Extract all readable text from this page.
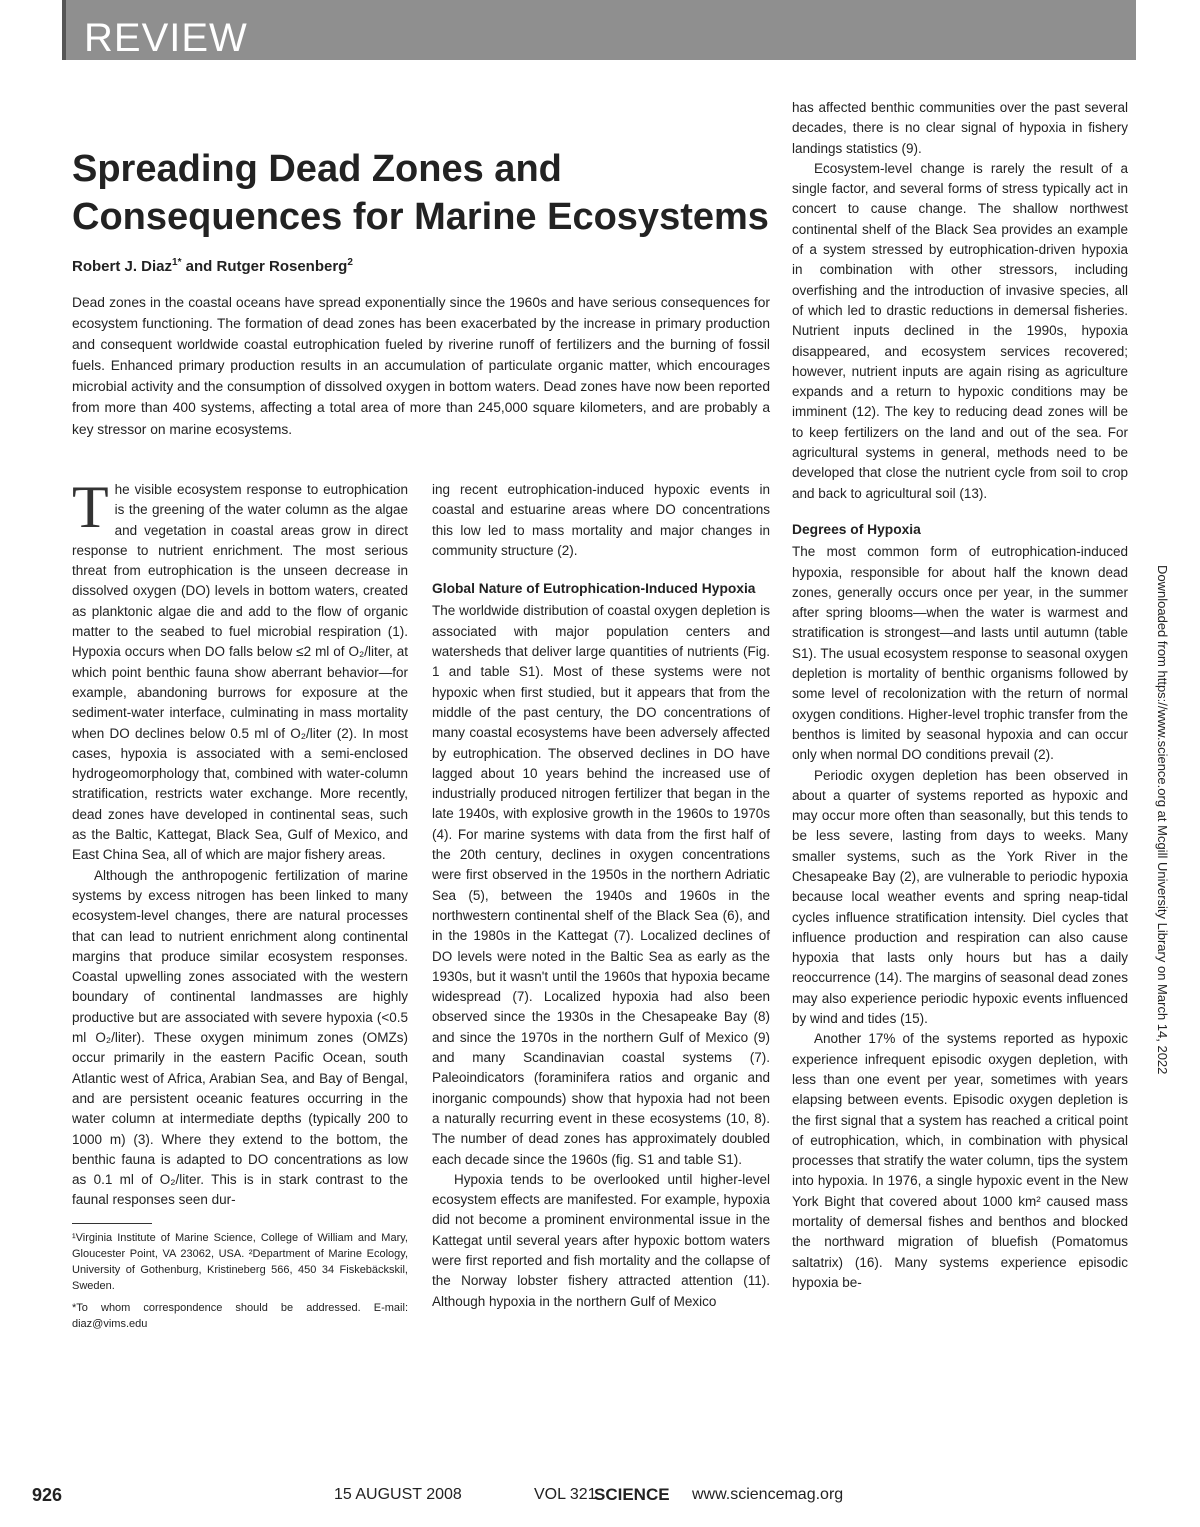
REVIEW
Spreading Dead Zones and Consequences for Marine Ecosystems
Robert J. Diaz$^{1*}$ and Rutger Rosenberg$^2$
Dead zones in the coastal oceans have spread exponentially since the 1960s and have serious consequences for ecosystem functioning. The formation of dead zones has been exacerbated by the increase in primary production and consequent worldwide coastal eutrophication fueled by riverine runoff of fertilizers and the burning of fossil fuels. Enhanced primary production results in an accumulation of particulate organic matter, which encourages microbial activity and the consumption of dissolved oxygen in bottom waters. Dead zones have now been reported from more than 400 systems, affecting a total area of more than 245,000 square kilometers, and are probably a key stressor on marine ecosystems.

The visible ecosystem response to eutrophication is the greening of the water column as the algae and vegetation in coastal areas grow in direct response to nutrient enrichment. The most serious threat from eutrophication is the unseen decrease in dissolved oxygen (DO) levels in bottom waters, created as planktonic algae die and add to the flow of organic matter to the seabed to fuel microbial respiration (1). Hypoxia occurs when DO falls below ≤2 ml of O₂/liter, at which point benthic fauna show aberrant behavior—for example, abandoning burrows for exposure at the sediment-water interface, culminating in mass mortality when DO declines below 0.5 ml of O₂/liter (2). In most cases, hypoxia is associated with a semi-enclosed hydrogeomorphology that, combined with water-column stratification, restricts water exchange. More recently, dead zones have developed in continental seas, such as the Baltic, Kattegat, Black Sea, Gulf of Mexico, and East China Sea, all of which are major fishery areas.

Although the anthropogenic fertilization of marine systems by excess nitrogen has been linked to many ecosystem-level changes, there are natural processes that can lead to nutrient enrichment along continental margins that produce similar ecosystem responses. Coastal upwelling zones associated with the western boundary of continental landmasses are highly productive but are associated with severe hypoxia (<0.5 ml O₂/liter). These oxygen minimum zones (OMZs) occur primarily in the eastern Pacific Ocean, south Atlantic west of Africa, Arabian Sea, and Bay of Bengal, and are persistent oceanic features occurring in the water column at intermediate depths (typically 200 to 1000 m) (3). Where they extend to the bottom, the benthic fauna is adapted to DO concentrations as low as 0.1 ml of O₂/liter. This is in stark contrast to the faunal responses seen dur-

¹Virginia Institute of Marine Science, College of William and Mary, Gloucester Point, VA 23062, USA. ²Department of Marine Ecology, University of Gothenburg, Kristineberg 566, 450 34 Fiskebäckskil, Sweden.
*To whom correspondence should be addressed. E-mail: diaz@vims.edu

ing recent eutrophication-induced hypoxic events in coastal and estuarine areas where DO concentrations this low led to mass mortality and major changes in community structure (2).

Global Nature of Eutrophication-Induced Hypoxia

The worldwide distribution of coastal oxygen depletion is associated with major population centers and watersheds that deliver large quantities of nutrients (Fig. 1 and table S1). Most of these systems were not hypoxic when first studied, but it appears that from the middle of the past century, the DO concentrations of many coastal ecosystems have been adversely affected by eutrophication. The observed declines in DO have lagged about 10 years behind the increased use of industrially produced nitrogen fertilizer that began in the late 1940s, with explosive growth in the 1960s to 1970s (4). For marine systems with data from the first half of the 20th century, declines in oxygen concentrations were first observed in the 1950s in the northern Adriatic Sea (5), between the 1940s and 1960s in the northwestern continental shelf of the Black Sea (6), and in the 1980s in the Kattegat (7). Localized declines of DO levels were noted in the Baltic Sea as early as the 1930s, but it wasn't until the 1960s that hypoxia became widespread (7). Localized hypoxia had also been observed since the 1930s in the Chesapeake Bay (8) and since the 1970s in the northern Gulf of Mexico (9) and many Scandinavian coastal systems (7). Paleoindicators (foraminifera ratios and organic and inorganic compounds) show that hypoxia had not been a naturally recurring event in these ecosystems (10, 8). The number of dead zones has approximately doubled each decade since the 1960s (fig. S1 and table S1).

Hypoxia tends to be overlooked until higher-level ecosystem effects are manifested. For example, hypoxia did not become a prominent environmental issue in the Kattegat until several years after hypoxic bottom waters were first reported and fish mortality and the collapse of the Norway lobster fishery attracted attention (11). Although hypoxia in the northern Gulf of Mexico

has affected benthic communities over the past several decades, there is no clear signal of hypoxia in fishery landings statistics (9).

Ecosystem-level change is rarely the result of a single factor, and several forms of stress typically act in concert to cause change. The shallow northwest continental shelf of the Black Sea provides an example of a system stressed by eutrophication-driven hypoxia in combination with other stressors, including overfishing and the introduction of invasive species, all of which led to drastic reductions in demersal fisheries. Nutrient inputs declined in the 1990s, hypoxia disappeared, and ecosystem services recovered; however, nutrient inputs are again rising as agriculture expands and a return to hypoxic conditions may be imminent (12). The key to reducing dead zones will be to keep fertilizers on the land and out of the sea. For agricultural systems in general, methods need to be developed that close the nutrient cycle from soil to crop and back to agricultural soil (13).

Degrees of Hypoxia

The most common form of eutrophication-induced hypoxia, responsible for about half the known dead zones, generally occurs once per year, in the summer after spring blooms—when the water is warmest and stratification is strongest—and lasts until autumn (table S1). The usual ecosystem response to seasonal oxygen depletion is mortality of benthic organisms followed by some level of recolonization with the return of normal oxygen conditions. Higher-level trophic transfer from the benthos is limited by seasonal hypoxia and can occur only when normal DO conditions prevail (2).

Periodic oxygen depletion has been observed in about a quarter of systems reported as hypoxic and may occur more often than seasonally, but this tends to be less severe, lasting from days to weeks. Many smaller systems, such as the York River in the Chesapeake Bay (2), are vulnerable to periodic hypoxia because local weather events and spring neap-tidal cycles influence stratification intensity. Diel cycles that influence production and respiration can also cause hypoxia that lasts only hours but has a daily reoccurrence (14). The margins of seasonal dead zones may also experience periodic hypoxic events influenced by wind and tides (15).

Another 17% of the systems reported as hypoxic experience infrequent episodic oxygen depletion, with less than one event per year, sometimes with years elapsing between events. Episodic oxygen depletion is the first signal that a system has reached a critical point of eutrophication, which, in combination with physical processes that stratify the water column, tips the system into hypoxia. In 1976, a single hypoxic event in the New York Bight that covered about 1000 km² caused mass mortality of demersal fishes and benthos and blocked the northward migration of bluefish (Pomatomus saltatrix) (16). Many systems experience episodic hypoxia be-

Downloaded from https://www.science.org at Mcgill University Library on March 14, 2022
926	15 AUGUST 2008	VOL 321
SCIENCE www.sciencemag.org
